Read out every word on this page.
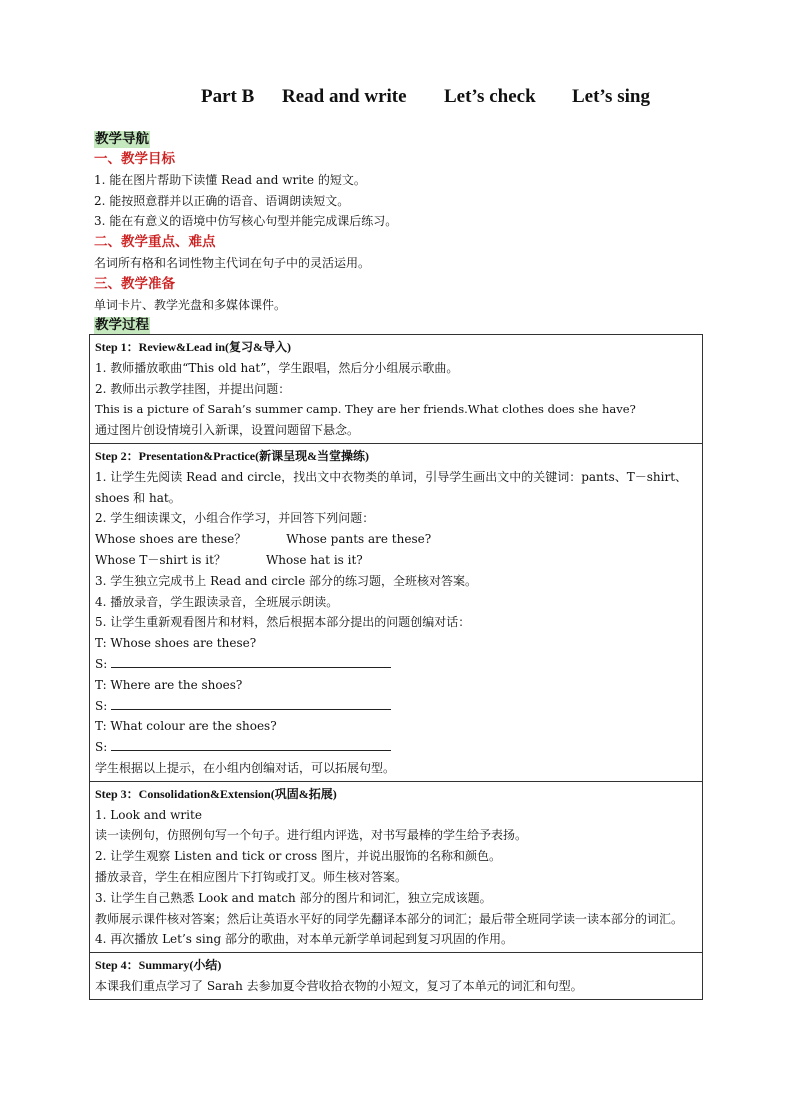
Part B Read and write Let’s check Let’s sing
教学导航
一、教学目标
1. 能在图片帮助下读懂 Read and write 的短文。
2. 能按照意群并以正确的语音、语调朗读短文。
3. 能在有意义的语境中仿写核心句型并能完成课后练习。
二、教学重点、难点
名词所有格和名词性物主代词在句子中的灵活运用。
三、教学准备
单词卡片、教学光盘和多媒体课件。
教学过程
Step 1：Review&Lead in(复习&导入)
1. 教师播放歌曲“This old hat”，学生跟唱，然后分小组展示歌曲。
2. 教师出示教学挂图，并提出问题：
This is a picture of Sarah’s summer camp. They are her friends.What clothes does she have?
通过图片创设情境引入新课，设置问题留下悬念。

Step 2：Presentation&Practice(新课呈现&当堂操练)
1. 让学生先阅读 Read and circle，找出文中衣物类的单词，引导学生画出文中的关键词：pants、T－shirt、 shoes 和 hat。
2. 学生细读课文，小组合作学习，并回答下列问题：
Whose shoes are these？	Whose pants are these?
Whose T－shirt is it？	Whose hat is it?
3. 学生独立完成书上 Read and circle 部分的练习题，全班核对答案。
4. 播放录音，学生跟读录音，全班展示朗读。
5. 让学生重新观看图片和材料，然后根据本部分提出的问题创编对话：
T: Whose shoes are these?
S:
T: Where are the shoes?
S:
T: What colour are the shoes?
S:
学生根据以上提示，在小组内创编对话，可以拓展句型。

Step 3：Consolidation&Extension(巩固&拓展)
1. Look and write
读一读例句，仿照例句写一个句子。进行组内评选，对书写最棒的学生给予表扬。
2. 让学生观察 Listen and tick or cross 图片，并说出服饰的名称和颜色。
播放录音，学生在相应图片下打钩或打叉。师生核对答案。
3. 让学生自己熟悉 Look and match 部分的图片和词汇，独立完成该题。
教师展示课件核对答案；然后让英语水平好的同学先翻译本部分的词汇；最后带全班同学读一读本部分的词汇。
4. 再次播放 Let’s sing 部分的歌曲，对本单元新学单词起到复习巩固的作用。

Step 4：Summary(小结)
本课我们重点学习了 Sarah 去参加夏令营收拾衣物的小短文，复习了本单元的词汇和句型。
